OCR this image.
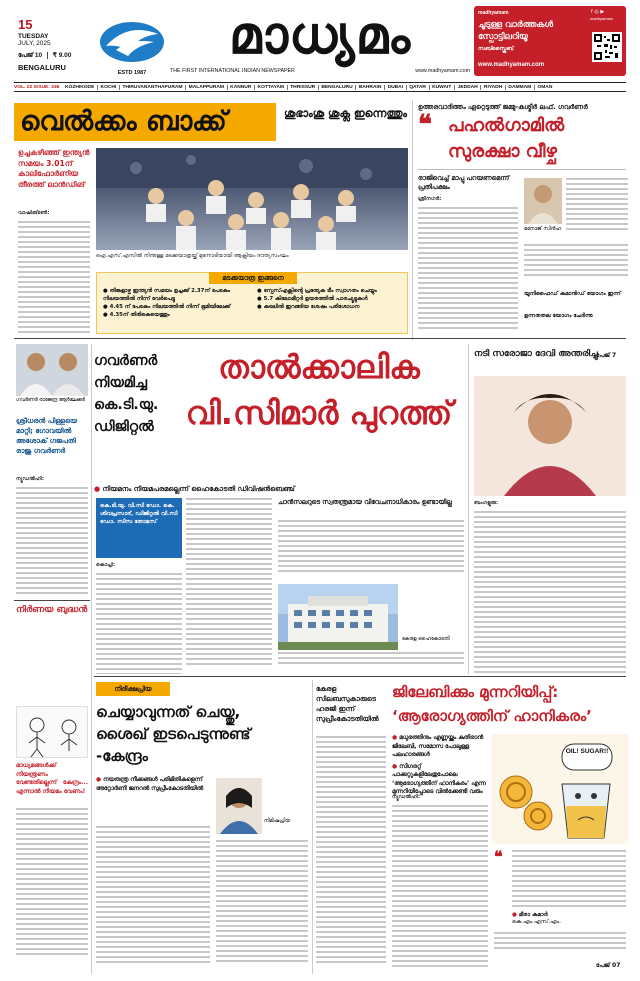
15
TUESDAY
JULY, 2025
പേജ് 10 ₹ 9.00
BENGALURU
ESTD 1987
മാധ്യമം
THE FIRST INTERNATIONAL INDIAN NEWSPAPER	www.madhyamam.com
madhyamam
ചൂടുള്ള വാർത്തകൾ
സ്പോട്ടിലറിയൂ
സബ്സ്ക്രൈബ്
www.madhyamam.com
f ◎ ▶
madhyamam
VOL. 22 ISSUE: 246	KOZHIKODE	KOCHI	THIRUVANANTHAPURAM	MALAPPURAM	KANNUR	KOTTAYAM	THRISSUR	BENGALURU	BAHRAIN	DUBAI	QATAR	KUWAIT	JEDDAH	RIYADH	DAMMAM	OMAN
വെൽക്കം ബാക്ക്	ശുഭാംശു ശുക്ല ഇന്നെത്തും
ഉച്ചകഴിഞ്ഞ് ഇന്ത്യൻ സമയം 3.01ന് കാലിഫോർണിയ തീരത്ത് ലാൻഡിങ്
വാഷിങ്ടൺ:
ഐ.എസ്.എസിൽ നിന്നുള്ള മടക്കയാത്രയ്ക്ക് മുന്നോടിയായി ആക്സിയം ദൗത്യസംഘം
മടക്കയാത്ര ഇങ്ങനെ
● തിങ്കളാഴ്ച ഇന്ത്യൻ സമയം ഉച്ചക്ക് 2.37ന് പേടകം നിലയത്തിൽ നിന്ന് വേർപെട്ടു
● 4.45 ന് പേടകം നിലയത്തിൽ നിന്ന് ഭൂമിയിലേക്ക്
● 4.35ന് തിരികെയെത്തും
● സ്പേസ്എക്സിന്റെ പ്രത്യേക ടീം സ്വാഗതം ചെയ്യും
● 5.7 കിലോമീറ്റർ ഉയരത്തിൽ പാരച്യൂട്ടുകൾ
● കടലിൽ ഇറങ്ങിയ ശേഷം പരിശോധന
ഉത്തരവാദിത്തം ഏറ്റെടുത്ത് ജമ്മു-കശ്മീർ ലഫ്. ഗവർണർ
❝ പഹൽഗാമിൽ
സുരക്ഷാ വീഴ്ച
രാജിവെച്ച് മാപ്പു പറയണമെന്ന് പ്രതിപക്ഷം
ശ്രീനഗർ:
മനോജ് സിൻഹ
യൂനിഫൈഡ് കമാൻഡ് യോഗം ഇന്ന്
ഉന്നതതല യോഗം ചേർന്നു
പേജ് 7
ഗവർണർ രാജേന്ദ്ര ആർലേക്കർ
ഗവർണർ നിയമിച്ച കെ.ടി.യു. ഡിജിറ്റൽ
ശ്രീധരൻ പിള്ളയെ മാറ്റി; ഗോവയിൽ അശോക് ഗജപതി രാജു ഗവർണർ
ന്യൂഡൽഹി:
താൽക്കാലിക
വി.സിമാർ പുറത്ത്
● നിയമനം നിയമപരമല്ലെന്ന് ഹൈകോടതി ഡിവിഷൻബെഞ്ച്
കെ.ടി.യു. വി.സി ഡോ. കെ. ശിവപ്രസാദ്, ഡിജിറ്റൽ വി.സി ഡോ. സിസ തോമസ്
കൊച്ചി:
ചാൻസലറുടെ സ്വതന്ത്രമായ വിവേചനാധികാരം ഉണ്ടായില്ല
കേരള ഹൈകോടതി
നടി സരോജാ ദേവി അന്തരിച്ചു
ബംഗളൂരു:
നിർണയ ബുദ്ധൻ
മാധ്യമങ്ങൾക്ക് നിയന്ത്രണം വേണ്ടതില്ലെന്ന് കേന്ദ്രം... എന്നാൽ നിയമം വേണം!
നിരീക്ഷപ്രിയ
ചെയ്യാവുന്നത് ചെയ്തു,
ശൈഖ് ഇടപെടുന്നുണ്ട്
-കേന്ദ്രം
● നയതന്ത്ര നീക്കങ്ങൾ പരിമിതികളെന്ന് അറ്റോർണി ജനറൽ സുപ്രീംകോടതിയിൽ
നിമിഷപ്രിയ
കേരള സിലബസുകാരുടെ ഹരജി ഇന്ന് സുപ്രീംകോടതിയിൽ
ജിലേബിക്കും മുന്നറിയിപ്പ്:
‘ആരോഗ്യത്തിന് ഹാനികരം’
● മധുരത്തിനും എണ്ണയ്ക്കും കുതിരാൻ ജിലേബി, സമോസ പോലുള്ള പലഹാരങ്ങൾ
● സിഗരറ്റ് പാക്കറ്റുകളിലേതുപോലെ ‘ആരോഗ്യത്തിന് ഹാനികരം’ എന്ന മുന്നറിയിപ്പോടെ വിൽക്കേണ്ടി വരും
OIL! SUGAR!!
ന്യൂഡൽഹി:
❝
● മീരാ കുമാർ
കെ.എം.എസ്.എം.
പേജ് 07
